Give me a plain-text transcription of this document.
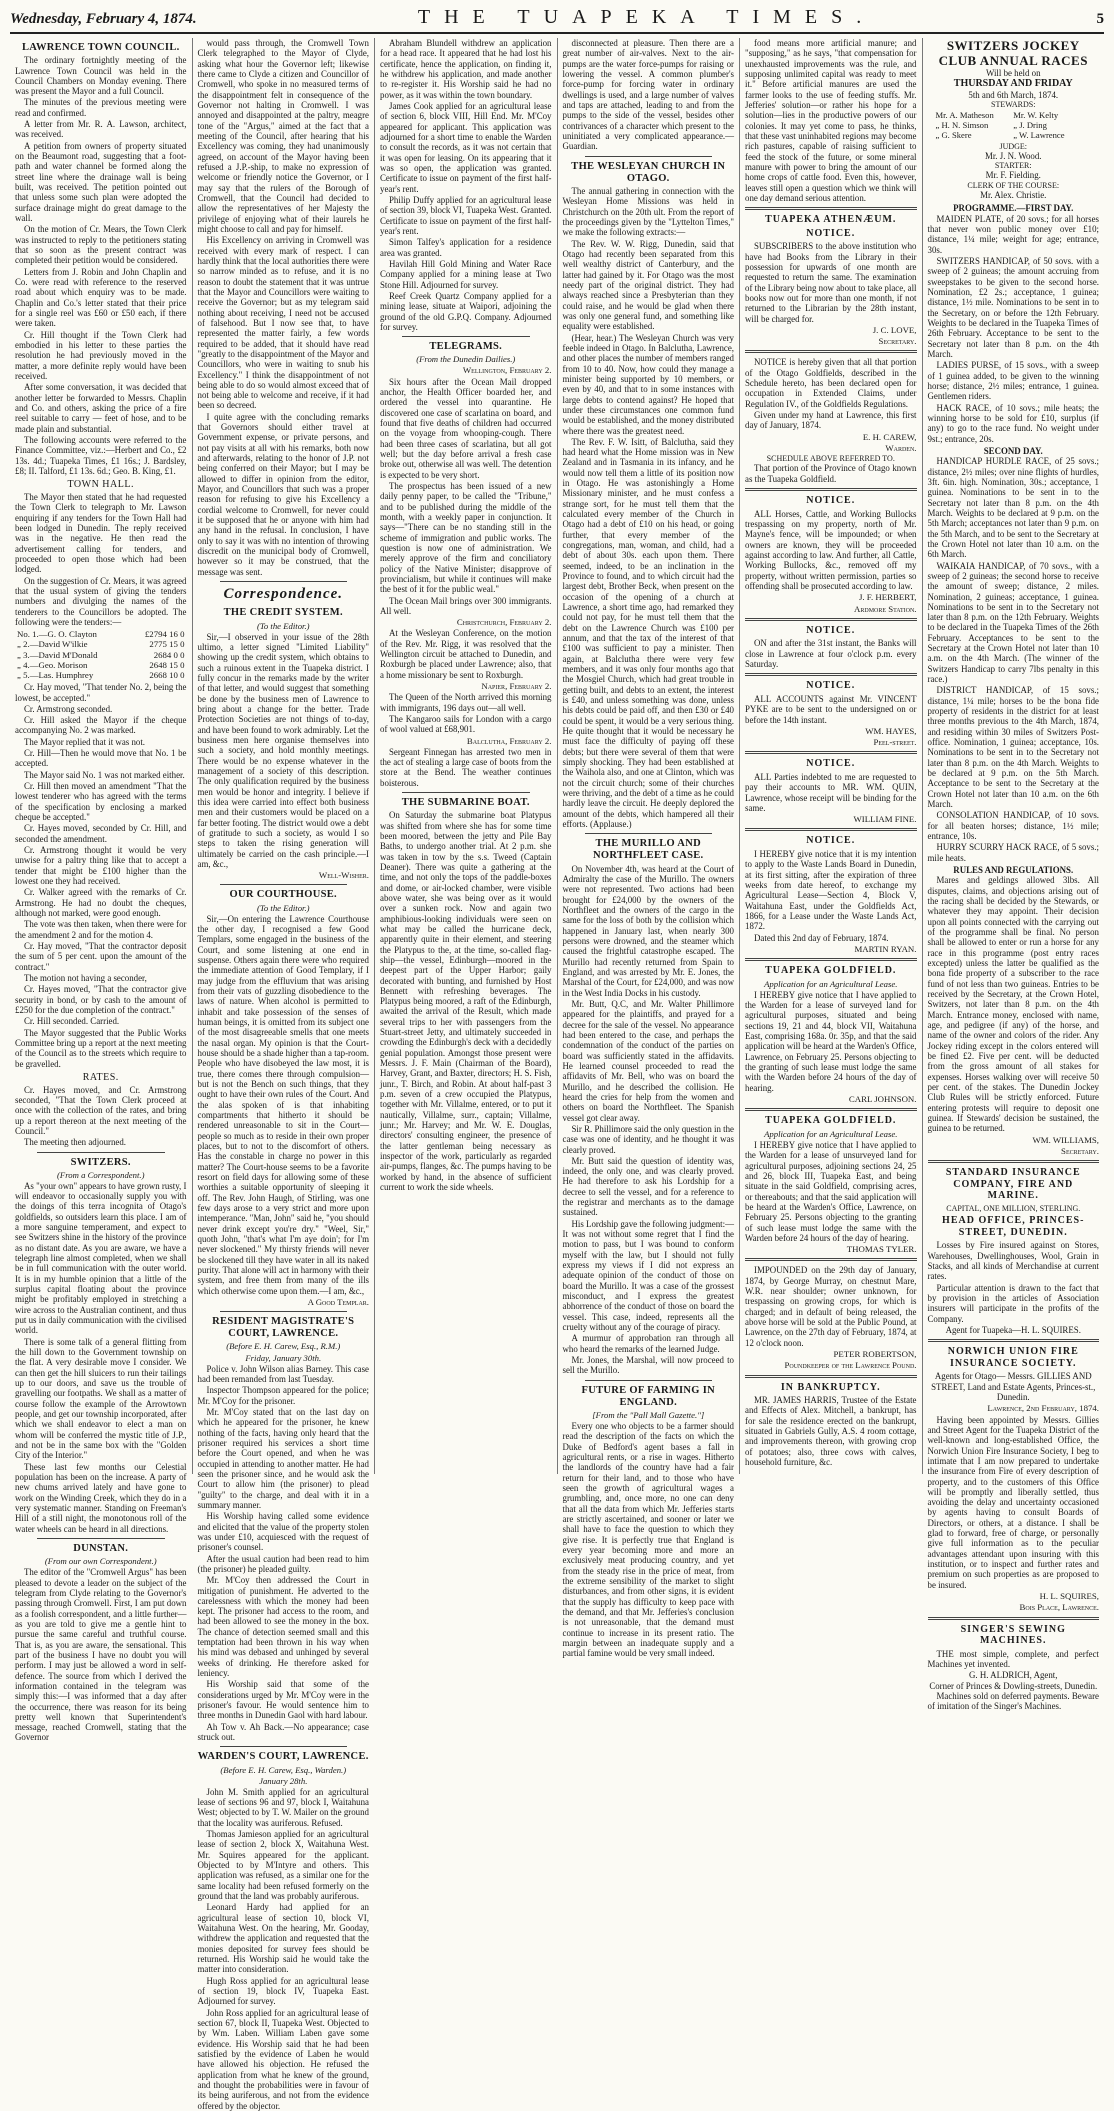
Wednesday, February 4, 1874.	THE TUAPEKA TIMES.	5
LAWRENCE TOWN COUNCIL.

The ordinary fortnightly meeting of the Lawrence Town Council was held in the Council Chambers on Monday evening. There was present the Mayor and a full Council.

The minutes of the previous meeting were read and confirmed.

A letter from Mr. R. A. Lawson, architect, was received.

A petition from owners of property situated on the Beaumont road, suggesting that a foot-path and water channel be formed along the street line where the drainage wall is being built, was received. The petition pointed out that unless some such plan were adopted the surface drainage might do great damage to the wall.

On the motion of Cr. Mears, the Town Clerk was instructed to reply to the petitioners stating that so soon as the present contract was completed their petition would be considered.

Letters from J. Robin and John Chaplin and Co. were read with reference to the reserved road about which enquiry was to be made. Chaplin and Co.'s letter stated that their price for a single reel was £60 or £50 each, if there were taken.

Cr. Hill thought if the Town Clerk had embodied in his letter to these parties the resolution he had previously moved in the matter, a more definite reply would have been received.

After some conversation, it was decided that another letter be forwarded to Messrs. Chaplin and Co. and others, asking the price of a fire reel suitable to carry — feet of hose, and to be made plain and substantial.

The following accounts were referred to the Finance Committee, viz.:—Herbert and Co., £2 13s. 4d.; Tuapeka Times, £1 16s.; J. Bardsley, £8; II. Talford, £1 13s. 6d.; Geo. B. King, £1.

TOWN HALL.

The Mayor then stated that he had requested the Town Clerk to telegraph to Mr. Lawson enquiring if any tenders for the Town Hall had been lodged in Dunedin. The reply received was in the negative. He then read the advertisement calling for tenders, and proceeded to open those which had been lodged.

On the suggestion of Cr. Mears, it was agreed that the usual system of giving the tenders numbers and divulging the names of the tenderers to the Councillors be adopted. The following were the tenders:—

No. 1.—G. O. Clayton	£2794 16 0
„ 2.—David W'ilkie	2775 15 0
„ 3.—David M'Donald	2684 0 0
„ 4.—Geo. Morison	2648 15 0
„ 5.—Las. Humphrey	2668 10 0

Cr. Hay moved, "That tender No. 2, being the lowest, be accepted."

Cr. Armstrong seconded.

Cr. Hill asked the Mayor if the cheque accompanying No. 2 was marked.

The Mayor replied that it was not.

Cr. Hill—Then he would move that No. 1 be accepted.

The Mayor said No. 1 was not marked either.

Cr. Hill then moved an amendment "That the lowest tenderer who has agreed with the terms of the specification by enclosing a marked cheque be accepted."

Cr. Hayes moved, seconded by Cr. Hill, and seconded the amendment.

Cr. Armstrong thought it would be very unwise for a paltry thing like that to accept a tender that might be £100 higher than the lowest one they had received.

Cr. Walker agreed with the remarks of Cr. Armstrong. He had no doubt the cheques, although not marked, were good enough.

The vote was then taken, when there were for the amendment 2 and for the motion 4.

Cr. Hay moved, "That the contractor deposit the sum of 5 per cent. upon the amount of the contract."

The motion not having a seconder,

Cr. Hayes moved, "That the contractor give security in bond, or by cash to the amount of £250 for the due completion of the contract."

Cr. Hill seconded. Carried.

The Mayor suggested that the Public Works Committee bring up a report at the next meeting of the Council as to the streets which require to be gravelled.

RATES.

Cr. Hayes moved, and Cr. Armstrong seconded, "That the Town Clerk proceed at once with the collection of the rates, and bring up a report thereon at the next meeting of the Council."

The meeting then adjourned.

SWITZERS.
(From a Correspondent.)

As "your own" appears to have grown rusty, I will endeavor to occasionally supply you with the doings of this terra incognita of Otago's goldfields, so outsiders learn this place. I am of a more sanguine temperament, and expect to see Switzers shine in the history of the province as no distant date. As you are aware, we have a telegraph line almost completed, when we shall be in full communication with the outer world. It is in my humble opinion that a little of the surplus capital floating about the province might be profitably employed in stretching a wire across to the Australian continent, and thus put us in daily communication with the civilised world.

There is some talk of a general flitting from the hill down to the Government township on the flat. A very desirable move I consider. We can then get the hill sluicers to run their tailings up to our doors, and save us the trouble of gravelling our footpaths. We shall as a matter of course follow the example of the Arrowtown people, and get our township incorporated, after which we shall endeavor to elect a man on whom will be conferred the mystic title of J.P., and not be in the same box with the "Golden City of the Interior."

These last few months our Celestial population has been on the increase. A party of new chums arrived lately and have gone to work on the Winding Creek, which they do in a very systematic manner. Standing on Freeman's Hill of a still night, the monotonous roll of the water wheels can be heard in all directions.

DUNSTAN.
(From our own Correspondent.)

The editor of the "Cromwell Argus" has been pleased to devote a leader on the subject of the telegram from Clyde relating to the Governor's passing through Cromwell. First, I am put down as a foolish correspondent, and a little further—as you are told to give me a gentle hint to pursue the same careful and truthful course. That is, as you are aware, the sensational. This part of the business I have no doubt you will perform. I may just be allowed a word in self-defence. The source from which I derived the information contained in the telegram was simply this:—I was informed that a day after the occurrence, there was reason for its being pretty well known that Superintendent's message, reached Cromwell, stating that the Governor

would pass through, the Cromwell Town Clerk telegraphed to the Mayor of Clyde, asking what hour the Governor left; likewise there came to Clyde a citizen and Councillor of Cromwell, who spoke in no measured terms of the disappointment felt in consequence of the Governor not halting in Cromwell. I was annoyed and disappointed at the paltry, meagre tone of the "Argus," aimed at the fact that a meeting of the Council, after hearing that his Excellency was coming, they had unanimously agreed, on account of the Mayor having been refused a J.P.-ship, to make no expression of welcome or friendly notice the Governor, or I may say that the rulers of the Borough of Cromwell, that the Council had decided to allow the representatives of her Majesty the privilege of enjoying what of their laurels he might choose to call and pay for himself.

His Excellency on arriving in Cromwell was received with every mark of respect. I can hardly think that the local authorities there were so narrow minded as to refuse, and it is no reason to doubt the statement that it was untrue that the Mayor and Councillors were waiting to receive the Governor; but as my telegram said nothing about receiving, I need not be accused of falsehood. But I now see that, to have represented the matter fairly, a few words required to be added, that it should have read "greatly to the disappointment of the Mayor and Councillors, who were in waiting to snub his Excellency." I think the disappointment of not being able to do so would almost exceed that of not being able to welcome and receive, if it had been so decreed.

I quite agree with the concluding remarks that Governors should either travel at Government expense, or private persons, and not pay visits at all with his remarks, both now and afterwards, relating to the honor of J.P. not being conferred on their Mayor; but I may be allowed to differ in opinion from the editor, Mayor, and Councillors that such was a proper reason for refusing to give his Excellency a cordial welcome to Cromwell, for never could it be supposed that he or anyone with him had any hand in the refusal. In conclusion, I have only to say it was with no intention of throwing discredit on the municipal body of Cromwell, however so it may be construed, that the message was sent.

Correspondence.
THE CREDIT SYSTEM.
(To the Editor.)

Sir,—I observed in your issue of the 28th ultimo, a letter signed "Limited Liability" showing up the credit system, which obtains to such a ruinous extent in the Tuapeka district. I fully concur in the remarks made by the writer of that letter, and would suggest that something be done by the business men of Lawrence to bring about a change for the better. Trade Protection Societies are not things of to-day, and have been found to work admirably. Let the business men here organise themselves into such a society, and hold monthly meetings. There would be no expense whatever in the management of a society of this description. The only qualification required by the business men would be honor and integrity. I believe if this idea were carried into effect both business men and their customers would be placed on a far better footing. The district would owe a debt of gratitude to such a society, as would I so steps to taken the rising generation will ultimately be carried on the cash principle.—I am, &c.,

Well-Wisher.
OUR COURTHOUSE.
(To the Editor.)

Sir,—On entering the Lawrence Courthouse the other day, I recognised a few Good Templars, some engaged in the business of the Court, and some listening at one end in suspense. Others again there were who required the immediate attention of Good Templary, if I may judge from the effluvium that was arising from their vats of guzzling disobedience to the laws of nature. When alcohol is permitted to inhabit and take possession of the senses of human beings, it is omitted from its subject one of the most disagreeable smells that one meets the nasal organ. My opinion is that the Court-house should be a shade higher than a tap-room. People who have disobeyed the law most, it is true, there comes there through compulsion—but is not the Bench on such things, that they ought to have their own rules of the Court. And the alas spoken of is that inhabiting compartments that hitherto it should be rendered unreasonable to sit in the Court—people so much as to reside in their own proper places, but to not to the discomfort of others. Has the constable in charge no power in this matter? The Court-house seems to be a favorite resort on field days for allowing some of these worthies a suitable opportunity of sleeping it off. The Rev. John Haugh, of Stirling, was one few days arose to a very strict and more upon intemperance. "Man, John" said he, "you should never drink except you're dry." "Weel, Sir," quoth John, "that's what I'm aye doin'; for I'm never slockened." My thirsty friends will never be slockened till they have water in all its naked purity. That alone will act in harmony with their system, and free them from many of the ills which otherwise come upon them.—I am, &c.,

A Good Templar.
RESIDENT MAGISTRATE'S COURT, LAWRENCE.
(Before E. H. Carew, Esq., R.M.)
Friday, January 30th.

Police v. John Wilson alias Barney. This case had been remanded from last Tuesday.

Inspector Thompson appeared for the police; Mr. M'Coy for the prisoner.

Mr. M'Coy stated that on the last day on which he appeared for the prisoner, he knew nothing of the facts, having only heard that the prisoner required his services a short time before the Court opened, and when he was occupied in attending to another matter. He had seen the prisoner since, and he would ask the Court to allow him (the prisoner) to plead "guilty" to the charge, and deal with it in a summary manner.

His Worship having called some evidence and elicited that the value of the property stolen was under £10, acquiesced with the request of prisoner's counsel.

After the usual caution had been read to him (the prisoner) he pleaded guilty.

Mr. M'Coy then addressed the Court in mitigation of punishment. He adverted to the carelessness with which the money had been kept. The prisoner had access to the room, and had been allowed to see the money in the box. The chance of detection seemed small and this temptation had been thrown in his way when his mind was debased and unhinged by several weeks of drinking. He therefore asked for leniency.

His Worship said that some of the considerations urged by Mr. M'Coy were in the prisoner's favour. He would sentence him to three months in Dunedin Gaol with hard labour.

Ah Tow v. Ah Back.—No appearance; case struck out.

WARDEN'S COURT, LAWRENCE.
(Before E. H. Carew, Esq., Warden.)
January 28th.

John M. Smith applied for an agricultural lease of sections 96 and 97, block I, Waitahuna West; objected to by T. W. Mailer on the ground that the locality was auriferous. Refused.

Thomas Jamieson applied for an agricultural lease of section 2, block X, Waitahuna West. Mr. Squires appeared for the applicant. Objected to by M'Intyre and others. This application was refused, as a similar one for the same locality had been refused formerly on the ground that the land was probably auriferous.

Leonard Hardy had applied for an agricultural lease of section 10, block VI, Waitahuna West. On the hearing, Mr. Gooday, withdrew the application and requested that the monies deposited for survey fees should be returned. His Worship said he would take the matter into consideration.

Hugh Ross applied for an agricultural lease of section 19, block IV, Tuapeka East. Adjourned for survey.

John Ross applied for an agricultural lease of section 67, block II, Tuapeka West. Objected to by Wm. Laben. William Laben gave some evidence. His Worship said that he had been satisfied by the evidence of Laben he would have allowed his objection. He refused the application from what he knew of the ground, and thought the probabilities were in favour of its being auriferous, and not from the evidence offered by the objector.

Abraham Blundell withdrew an application for a head race. It appeared that he had lost his certificate, hence the application, on finding it, he withdrew his application, and made another to re-register it. His Worship said he had no power, as it was within the town boundary.

James Cook applied for an agricultural lease of section 6, block VIII, Hill End. Mr. M'Coy appeared for applicant. This application was adjourned for a short time to enable the Warden to consult the records, as it was not certain that it was open for leasing. On its appearing that it was so open, the application was granted. Certificate to issue on payment of the first half-year's rent.

Philip Duffy applied for an agricultural lease of section 39, block VI, Tuapeka West. Granted. Certificate to issue on payment of the first half-year's rent.

Simon Talfey's application for a residence area was granted.

Havilah Hill Gold Mining and Water Race Company applied for a mining lease at Two Stone Hill. Adjourned for survey.

Reef Creek Quartz Company applied for a mining lease, situate at Waipori, adjoining the ground of the old G.P.Q. Company. Adjourned for survey.

TELEGRAMS.
(From the Dunedin Dailies.)
Wellington, February 2.

Six hours after the Ocean Mail dropped anchor, the Health Officer boarded her, and ordered the vessel into quarantine. He discovered one case of scarlatina on board, and found that five deaths of children had occurred on the voyage from whooping-cough. There had been three cases of scarlatina, but all got well; but the day before arrival a fresh case broke out, otherwise all was well. The detention is expected to be very short.

The prospectus has been issued of a new daily penny paper, to be called the "Tribune," and to be published during the middle of the month, with a weekly paper in conjunction. It says—"There can be no standing still in the scheme of immigration and public works. The question is now one of administration. We merely approve of the firm and conciliatory policy of the Native Minister; disapprove of provincialism, but while it continues will make the best of it for the public weal."

The Ocean Mail brings over 300 immigrants. All well.

Christchurch, February 2.

At the Wesleyan Conference, on the motion of the Rev. Mr. Rigg, it was resolved that the Wellington circuit be attached to Dunedin, and Roxburgh be placed under Lawrence; also, that a home missionary be sent to Roxburgh.

Napier, February 2.

The Queen of the North arrived this morning with immigrants, 196 days out—all well.

The Kangaroo sails for London with a cargo of wool valued at £68,901.

Balclutha, February 2.

Sergeant Finnegan has arrested two men in the act of stealing a large case of boots from the store at the Bend. The weather continues boisterous.

THE SUBMARINE BOAT.

On Saturday the submarine boat Platypus was shifted from where she has for some time been moored, between the jetty and Pile Bay Baths, to undergo another trial. At 2 p.m. she was taken in tow by the s.s. Tweed (Captain Deaner). There was quite a gathering at the time, and not only the tops of the paddle-boxes and dome, or air-locked chamber, were visible above water, she was being over as it would over a sunken rock. Now and again two amphibious-looking individuals were seen on what may be called the hurricane deck, apparently quite in their element, and steering the Platypus to the, at the time, so-called flag-ship—the vessel, Edinburgh—moored in the deepest part of the Upper Harbor; gaily decorated with bunting, and furnished by Host Bennett with refreshing beverages. The Platypus being moored, a raft of the Edinburgh, awaited the arrival of the Result, which made several trips to her with passengers from the Stuart-street Jetty, and ultimately succeeded in crowding the Edinburgh's deck with a decidedly genial population. Amongst those present were Messrs. J. F. Main (Chairman of the Board), Harvey, Grant, and Baxter, directors; H. S. Fish, junr., T. Birch, and Robin. At about half-past 3 p.m. seven of a crew occupied the Platypus, together with Mr. Villalme, entered, or to put it nautically, Villalme, surr., captain; Villalme, junr.; Mr. Harvey; and Mr. W. E. Douglas, directors' consulting engineer, the presence of the latter gentleman being necessary as inspector of the work, particularly as regarded air-pumps, flanges, &c. The pumps having to be worked by hand, in the absence of sufficient current to work the side wheels.

disconnected at pleasure. Then there are a great number of air-valves. Next to the air-pumps are the water force-pumps for raising or lowering the vessel. A common plumber's force-pump for forcing water in ordinary dwellings is used, and a large number of valves and taps are attached, leading to and from the pumps to the side of the vessel, besides other contrivances of a character which present to the uninitiated a very complicated appearance.—Guardian.

THE WESLEYAN CHURCH IN OTAGO.

The annual gathering in connection with the Wesleyan Home Missions was held in Christchurch on the 20th ult. From the report of the proceedings given by the "Lyttelton Times," we make the following extracts:—

The Rev. W. W. Rigg, Dunedin, said that Otago had recently been separated from this well wealthy district of Canterbury, and the latter had gained by it. For Otago was the most needy part of the original district. They had always reached since a Presbyterian than they could raise, and he would be glad when there was only one general fund, and something like equality were established.

(Hear, hear.) The Wesleyan Church was very feeble indeed in Otago. In Balclutha, Lawrence, and other places the number of members ranged from 10 to 40. Now, how could they manage a minister being supported by 10 members, or even by 40, and that to in some instances with large debts to contend against? He hoped that under these circumstances one common fund would be established, and the money distributed where there was the greatest need.

The Rev. F. W. Isitt, of Balclutha, said they had heard what the Home mission was in New Zealand and in Tasmania in its infancy, and he would now tell them a little of its position now in Otago. He was astonishingly a Home Missionary minister, and he must confess a strange sort, for he must tell them that the calculated every member of the Church in Otago had a debt of £10 on his head, or going further, that every member of the congregations, man, woman, and child, had a debt of about 30s. each upon them. There seemed, indeed, to be an inclination in the Province to found, and to which circuit had the largest debt, Brother Beck, when present on the occasion of the opening of a church at Lawrence, a short time ago, had remarked they could not pay, for he must tell them that the debt on the Lawrence Church was £100 per annum, and that the tax of the interest of that £100 was sufficient to pay a minister. Then again, at Balclutha there were very few members, and it was only four months ago that the Mosgiel Church, which had great trouble in getting built, and debts to an extent, the interest is £40, and unless something was done, unless his debts could be paid off, and then £30 or £40 could be spent, it would be a very serious thing. He quite thought that it would be necessary he must face the difficulty of paying off these debts; but there were several of them that were simply shocking. They had been established at the Waihola also, and one at Clinton, which was not the circuit church; some of their churches were thriving, and the debt of a time as he could hardly leave the circuit. He deeply deplored the amount of the debts, which hampered all their efforts. (Applause.)

THE MURILLO AND NORTHFLEET CASE.

On November 4th, was heard at the Court of Admiralty the case of the Murillo. The owners were not represented. Two actions had been brought for £24,000 by the owners of the Northfleet and the owners of the cargo in the same for the loss of both by the collision which happened in January last, when nearly 300 persons were drowned, and the steamer which caused the frightful catastrophe escaped. The Murillo had recently returned from Spain to England, and was arrested by Mr. E. Jones, the Marshal of the Court, for £24,000, and was now in the West India Docks in his custody.

Mr. Butt, Q.C, and Mr. Walter Phillimore appeared for the plaintiffs, and prayed for a decree for the sale of the vessel. No appearance had been entered to the case, and perhaps the condemnation of the conduct of the parties on board was sufficiently stated in the affidavits. He learned counsel proceeded to read the affidavits of Mr. Bell, who was on board the Murillo, and he described the collision. He heard the cries for help from the women and others on board the Northfleet. The Spanish vessel got clear away.

Sir R. Phillimore said the only question in the case was one of identity, and he thought it was clearly proved.

Mr. Butt said the question of identity was, indeed, the only one, and was clearly proved. He had therefore to ask his Lordship for a decree to sell the vessel, and for a reference to the registrar and merchants as to the damage sustained.

His Lordship gave the following judgment:—It was not without some regret that I find the motion to pass, but I was bound to conform myself with the law, but I should not fully express my views if I did not express an adequate opinion of the conduct of those on board the Murillo. It was a case of the grossest misconduct, and I express the greatest abhorrence of the conduct of those on board the vessel. This case, indeed, represents all the cruelty without any of the courage of piracy.

A murmur of approbation ran through all who heard the remarks of the learned Judge.

Mr. Jones, the Marshal, will now proceed to sell the Murillo.

FUTURE OF FARMING IN ENGLAND.
[From the "Pall Mall Gazette."]

Every one who objects to be a farmer should read the description of the facts on which the Duke of Bedford's agent bases a fall in agricultural rents, or a rise in wages. Hitherto the landlords of the country have had a fair return for their land, and to those who have seen the growth of agricultural wages a grumbling, and, once more, no one can deny that all the data from which Mr. Jefferies starts are strictly ascertained, and sooner or later we shall have to face the question to which they give rise. It is perfectly true that England is every year becoming more and more an exclusively meat producing country, and yet from the steady rise in the price of meat, from the extreme sensibility of the market to slight disturbances, and from other signs, it is evident that the supply has difficulty to keep pace with the demand, and that Mr. Jefferies's conclusion is not unreasonable, that the demand must continue to increase in its present ratio. The margin between an inadequate supply and a partial famine would be very small indeed.

food means more artificial manure; and "supposing," as he says, "that compensation for unexhausted improvements was the rule, and supposing unlimited capital was ready to meet it." Before artificial manures are used the farmer looks to the use of feeding stuffs. Mr. Jefferies' solution—or rather his hope for a solution—lies in the productive powers of our colonies. It may yet come to pass, he thinks, that these vast uninhabited regions may become rich pastures, capable of raising sufficient to feed the stock of the future, or some mineral manure with power to bring the amount of our home crops of cattle food. Even this, however, leaves still open a question which we think will one day demand serious attention.

TUAPEKA ATHENÆUM.
NOTICE.

SUBSCRIBERS to the above institution who have had Books from the Library in their possession for upwards of one month are requested to return the same. The examination of the Library being now about to take place, all books now out for more than one month, if not returned to the Librarian by the 28th instant, will be charged for.

J. C. LOVE,
Secretary.

NOTICE is hereby given that all that portion of the Otago Goldfields, described in the Schedule hereto, has been declared open for occupation in Extended Claims, under Regulation IV., of the Goldfields Regulations.

Given under my hand at Lawrence, this first day of January, 1874.

E. H. CAREW,
Warden.
SCHEDULE ABOVE REFERRED TO.

That portion of the Province of Otago known as the Tuapeka Goldfield.

NOTICE.

ALL Horses, Cattle, and Working Bullocks trespassing on my property, north of Mr. Mayne's fence, will be impounded; or when owners are known, they will be proceeded against according to law. And further, all Cattle, Working Bullocks, &c., removed off my property, without written permission, parties so offending shall be prosecuted according to law.

J. F. HERBERT,
Ardmore Station.
NOTICE.

ON and after the 31st instant, the Banks will close in Lawrence at four o'clock p.m. every Saturday.

NOTICE.

ALL ACCOUNTS against Mr. VINCENT PYKE are to be sent to the undersigned on or before the 14th instant.

WM. HAYES,
Peel-street.
NOTICE.

ALL Parties indebted to me are requested to pay their accounts to MR. WM. QUIN, Lawrence, whose receipt will be binding for the same.

WILLIAM FINE.
NOTICE.

I HEREBY give notice that it is my intention to apply to the Waste Lands Board in Dunedin, at its first sitting, after the expiration of three weeks from date hereof, to exchange my Agricultural Lease—Section 4, Block V, Waitahuna East, under the Goldfields Act, 1866, for a Lease under the Waste Lands Act, 1872.

Dated this 2nd day of February, 1874.

MARTIN RYAN.
TUAPEKA GOLDFIELD.
Application for an Agricultural Lease.

I HEREBY give notice that I have applied to the Warden for a lease of surveyed land for agricultural purposes, situated and being sections 19, 21 and 44, block VII, Waitahuna East, comprising 168a. 0r. 35p, and that the said application will be heard at the Warden's Office, Lawrence, on February 25. Persons objecting to the granting of such lease must lodge the same with the Warden before 24 hours of the day of hearing.

CARL JOHNSON.
TUAPEKA GOLDFIELD.
Application for an Agricultural Lease.

I HEREBY give notice that I have applied to the Warden for a lease of unsurveyed land for agricultural purposes, adjoining sections 24, 25 and 26, block III, Tuapeka East, and being situate in the said Goldfield, comprising acres, or thereabouts; and that the said application will be heard at the Warden's Office, Lawrence, on February 25. Persons objecting to the granting of such lease must lodge the same with the Warden before 24 hours of the day of hearing.

THOMAS TYLER.

IMPOUNDED on the 29th day of January, 1874, by George Murray, on chestnut Mare, W.R. near shoulder; owner unknown, for trespassing on growing crops, for which is charged; and in default of being released, the above horse will be sold at the Public Pound, at Lawrence, on the 27th day of February, 1874, at 12 o'clock noon.

PETER ROBERTSON,
Poundkeeper of the Lawrence Pound.
IN BANKRUPTCY.

MR. JAMES HARRIS, Trustee of the Estate and Effects of Alex. Mitchell, a bankrupt, has for sale the residence erected on the bankrupt, situated in Gabriels Gully, A.S. 4 room cottage, and improvements thereon, with growing crop of potatoes; also, three cows with calves, household furniture, &c.

SWITZERS JOCKEY CLUB ANNUAL RACES
Will be held on
THURSDAY AND FRIDAY
5th and 6th March, 1874.
STEWARDS:
Mr. A. Matheson	Mr. W. Kelty
„ H. N. Simson	„ J. Dring
„ G. Skere	„ W. Lawrence
JUDGE:
Mr. J. N. Wood.
STARTER:
Mr. F. Fielding.
CLERK OF THE COURSE:
Mr. Alex. Christie.
PROGRAMME.—FIRST DAY.

MAIDEN PLATE, of 20 sovs.; for all horses that never won public money over £10; distance, 1¼ mile; weight for age; entrance, 30s.

SWITZERS HANDICAP, of 50 sovs. with a sweep of 2 guineas; the amount accruing from sweepstakes to be given to the second horse. Nomination, £2 2s.; acceptance, 1 guinea; distance, 1½ mile. Nominations to be sent in to the Secretary, on or before the 12th February. Weights to be declared in the Tuapeka Times of 26th February. Acceptance to be sent to the Secretary not later than 8 p.m. on the 4th March.

LADIES PURSE, of 15 sovs., with a sweep of 1 guinea added, to be given to the winning horse; distance, 2½ miles; entrance, 1 guinea. Gentlemen riders.

HACK RACE, of 10 sovs.; mile heats; the winning horse to be sold for £10, surplus (if any) to go to the race fund. No weight under 9st.; entrance, 20s.

SECOND DAY.

HANDICAP HURDLE RACE, of 25 sovs.; distance, 2½ miles; over nine flights of hurdles, 3ft. 6in. high. Nomination, 30s.; acceptance, 1 guinea. Nominations to be sent in to the Secretary not later than 8 p.m. on the 4th March. Weights to be declared at 9 p.m. on the 5th March; acceptances not later than 9 p.m. on the 5th March, and to be sent to the Secretary at the Crown Hotel not later than 10 a.m. on the 6th March.

WAIKAIA HANDICAP, of 70 sovs., with a sweep of 2 guineas; the second horse to receive the amount of sweep; distance, 2 miles. Nomination, 2 guineas; acceptance, 1 guinea. Nominations to be sent in to the Secretary not later than 8 p.m. on the 12th February. Weights to be declared in the Tuapeka Times of the 26th February. Acceptances to be sent to the Secretary at the Crown Hotel not later than 10 a.m. on the 4th March. (The winner of the Switzers Handicap to carry 7lbs penalty in this race.)

DISTRICT HANDICAP, of 15 sovs.; distance, 1¼ mile; horses to be the bona fide property of residents in the district for at least three months previous to the 4th March, 1874, and residing within 30 miles of Switzers Post-office. Nomination, 1 guinea; acceptance, 10s. Nominations to be sent in to the Secretary not later than 8 p.m. on the 4th March. Weights to be declared at 9 p.m. on the 5th March. Acceptance to be sent to the Secretary at the Crown Hotel not later than 10 a.m. on the 6th March.

CONSOLATION HANDICAP, of 10 sovs. for all beaten horses; distance, 1½ mile; entrance, 10s.

HURRY SCURRY HACK RACE, of 5 sovs.; mile heats.

RULES AND REGULATIONS.

Mares and geldings allowed 3lbs. All disputes, claims, and objections arising out of the racing shall be decided by the Stewards, or whatever they may appoint. Their decision upon all points connected with the carrying out of the programme shall be final. No person shall be allowed to enter or run a horse for any race in this programme (post entry races excepted) unless the latter be qualified as the bona fide property of a subscriber to the race fund of not less than two guineas. Entries to be received by the Secretary, at the Crown Hotel, Switzers, not later than 8 p.m. on the 4th March. Entrance money, enclosed with name, age, and pedigree (if any) of the horse, and name of the owner and colors of the rider. Any Jockey riding except in the colors entered will be fined £2. Five per cent. will be deducted from the gross amount of all stakes for expenses. Horses walking over will receive 50 per cent. of the stakes. The Dunedin Jockey Club Rules will be strictly enforced. Future entering protests will require to deposit one guinea. If Stewards' decision be sustained, the guinea to be returned.

WM. WILLIAMS,
Secretary.
STANDARD INSURANCE COMPANY, FIRE AND MARINE.
CAPITAL, ONE MILLION, STERLING.
HEAD OFFICE, PRINCES-STREET, DUNEDIN.

Losses by Fire insured against on Stores, Warehouses, Dwellinghouses, Wool, Grain in Stacks, and all kinds of Merchandise at current rates.

Particular attention is drawn to the fact that by provision in the articles of Association insurers will participate in the profits of the Company.

Agent for Tuapeka—H. L. SQUIRES.
NORWICH UNION FIRE INSURANCE SOCIETY.
Agents for Otago— Messrs. GILLIES AND STREET, Land and Estate Agents, Princes-st., Dunedin.
Lawrence, 2nd February, 1874.

Having been appointed by Messrs. Gillies and Street Agent for the Tuapeka District of the well-known and long-established Office, the Norwich Union Fire Insurance Society, I beg to intimate that I am now prepared to undertake the insurance from Fire of every description of property, and to the customers of this Office will be promptly and liberally settled, thus avoiding the delay and uncertainty occasioned by agents having to consult Boards of Directors, or others, at a distance. I shall be glad to forward, free of charge, or personally give full information as to the peculiar advantages attendant upon insuring with this institution, or to inspect and further rates and premium on such properties as are proposed to be insured.

H. L. SQUIRES,
Bois Place, Lawrence.
SINGER'S SEWING MACHINES.

THE most simple, complete, and perfect Machines yet invented.

G. H. ALDRICH, Agent,
Corner of Princes & Dowling-streets, Dunedin.

Machines sold on deferred payments. Beware of imitation of the Singer's Machines.
